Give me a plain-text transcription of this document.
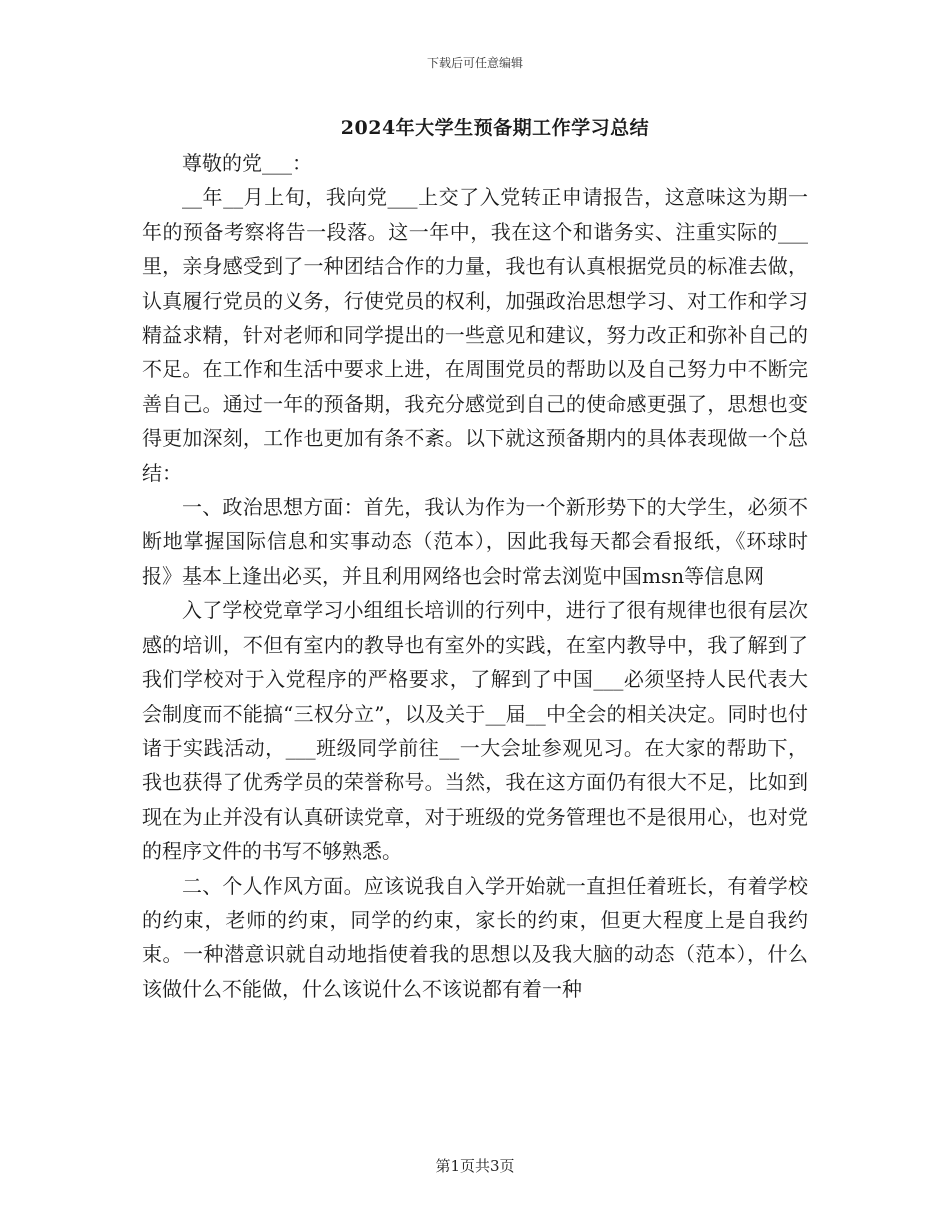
下载后可任意编辑
2024年大学生预备期工作学习总结

尊敬的党___：

__年__月上旬，我向党___上交了入党转正申请报告，这意味这为期一年的预备考察将告一段落。这一年中，我在这个和谐务实、注重实际的___里，亲身感受到了一种团结合作的力量，我也有认真根据党员的标准去做，认真履行党员的义务，行使党员的权利，加强政治思想学习、对工作和学习精益求精，针对老师和同学提出的一些意见和建议，努力改正和弥补自己的不足。在工作和生活中要求上进，在周围党员的帮助以及自己努力中不断完善自己。通过一年的预备期，我充分感觉到自己的使命感更强了，思想也变得更加深刻，工作也更加有条不紊。以下就这预备期内的具体表现做一个总结：

一、政治思想方面：首先，我认为作为一个新形势下的大学生，必须不断地掌握国际信息和实事动态（范本），因此我每天都会看报纸，《环球时报》基本上逢出必买，并且利用网络也会时常去浏览中国msn等信息网

入了学校党章学习小组组长培训的行列中，进行了很有规律也很有层次感的培训，不但有室内的教导也有室外的实践，在室内教导中，我了解到了我们学校对于入党程序的严格要求，了解到了中国___必须坚持人民代表大会制度而不能搞“三权分立”，以及关于__届__中全会的相关决定。同时也付诸于实践活动，___班级同学前往__一大会址参观见习。在大家的帮助下，我也获得了优秀学员的荣誉称号。当然，我在这方面仍有很大不足，比如到现在为止并没有认真研读党章，对于班级的党务管理也不是很用心，也对党的程序文件的书写不够熟悉。

二、个人作风方面。应该说我自入学开始就一直担任着班长，有着学校的约束，老师的约束，同学的约束，家长的约束，但更大程度上是自我约束。一种潜意识就自动地指使着我的思想以及我大脑的动态（范本），什么该做什么不能做，什么该说什么不该说都有着一种

第1页共3页
